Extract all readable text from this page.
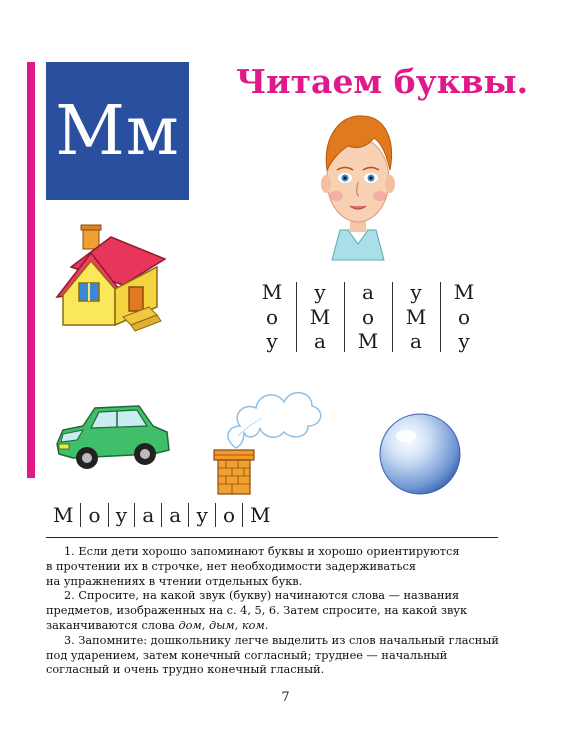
Мм
Читаем буквы.
М
о
у
у
М
а
а
о
М
у
М
а
М
о
у
М о у а а у о М

1. Если дети хорошо запоминают буквы и хорошо ориентируются

в прочтении их в строчке, нет необходимости задерживаться

на упражнениях в чтении отдельных букв.

2. Спросите, на какой звук (букву) начинаются слова — названия

предметов, изображенных на с. 4, 5, 6. Затем спросите, на какой звук

заканчиваются слова дом, дым, ком.

3. Запомните: дошкольнику легче выделить из слов начальный гласный

под ударением, затем конечный согласный; труднее — начальный

согласный и очень трудно конечный гласный.

7
